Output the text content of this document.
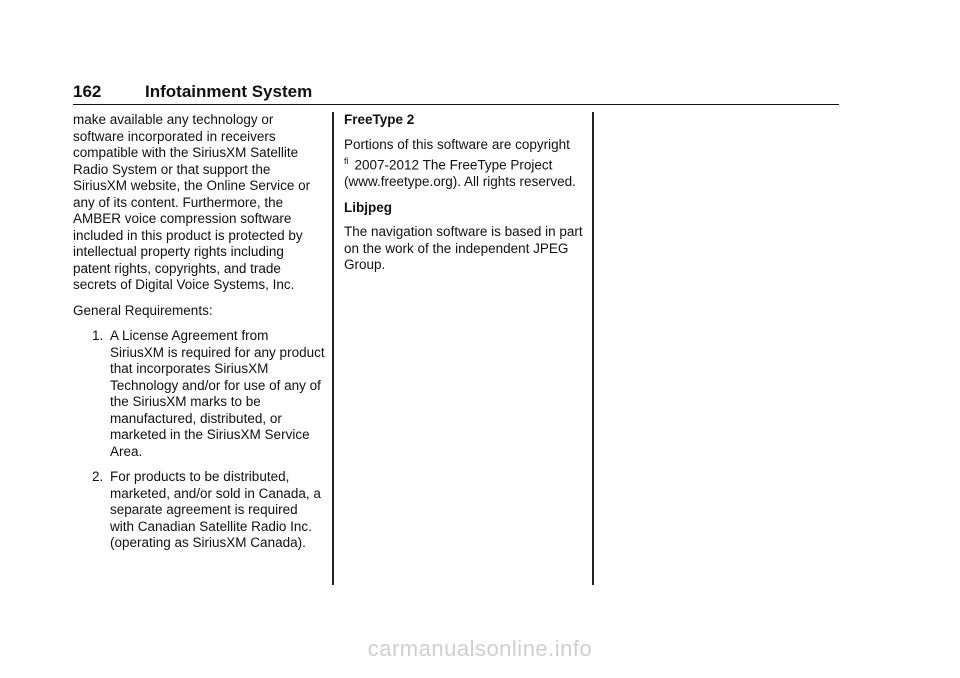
162	Infotainment System

make available any technology or software incorporated in receivers compatible with the SiriusXM Satellite Radio System or that support the SiriusXM website, the Online Service or any of its content. Furthermore, the AMBER voice compression software included in this product is protected by intellectual property rights including patent rights, copyrights, and trade secrets of Digital Voice Systems, Inc.

General Requirements:

1. A License Agreement from SiriusXM is required for any product that incorporates SiriusXM Technology and/or for use of any of the SiriusXM marks to be manufactured, distributed, or marketed in the SiriusXM Service Area.
2. For products to be distributed, marketed, and/or sold in Canada, a separate agreement is required with Canadian Satellite Radio Inc. (operating as SiriusXM Canada).
FreeType 2

Portions of this software are copyright $^{fi}$ 2007-2012 The FreeType Project (www.freetype.org). All rights reserved.

Libjpeg

The navigation software is based in part on the work of the independent JPEG Group.

carmanualsonline.info
